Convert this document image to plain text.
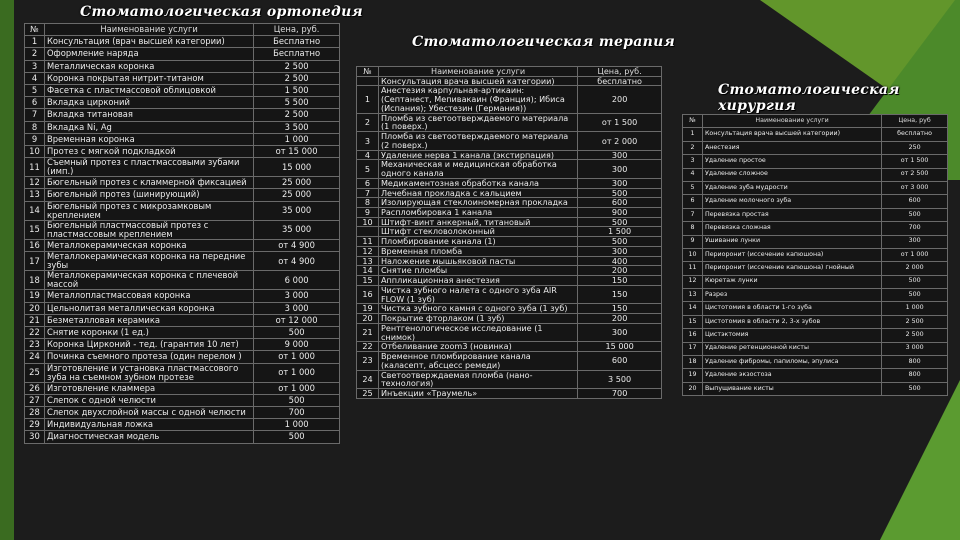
Стоматологическая ортопедия
Стоматологическая терапия
Стоматологическая хирургия
№	Наименование услуги	Цена, руб.
1	Консультация (врач высшей категории)	Бесплатно
2	Оформление наряда	Бесплатно
3	Металлическая коронка	2 500
4	Коронка покрытая нитрит-титаном	2 500
5	Фасетка с пластмассовой облицовкой	1 500
6	Вкладка цирконий	5 500
7	Вкладка титановая	2 500
8	Вкладка Ni, Ag	3 500
9	Временная коронка	1 000
10	Протез с мягкой подкладкой	от 15 000
11	Съемный протез с пластмассовыми зубами (имп.)	15 000
12	Бюгельный протез с кламмерной фиксацией	25 000
13	Бюгельный протез (шинирующий)	25 000
14	Бюгельный протез с микрозамковым креплением	35 000
15	Бюгельный пластмассовый протез с пластмассовым креплением	35 000
16	Металлокерамическая коронка	от 4 900
17	Металлокерамическая коронка на передние зубы	от 4 900
18	Металлокерамическая коронка с плечевой массой	6 000
19	Металлопластмассовая коронка	3 000
20	Цельнолитая металлическая коронка	3 000
21	Безметалловая керамика	от 12 000
22	Снятие коронки (1 ед.)	500
23	Коронка Цирконий - тед. (гарантия 10 лет)	9 000
24	Починка съемного протеза (один перелом )	от 1 000
25	Изготовление и установка пластмассового зуба на съемном зубном протезе	от 1 000
26	Изготовление кламмера	от 1 000
27	Слепок с одной челюсти	500
28	Слепок двухслойной массы с одной челюсти	700
29	Индивидуальная ложка	1 000
30	Диагностическая модель	500
№	Наименование услуги	Цена, руб.
	Консультация врача высшей категории)	бесплатно
1	Анестезия карпульная-артикаин: (Септанест, Мепивакаин (Франция); Ибиса (Испания); Убестезин (Германия))	200
2	Пломба из светоотверждаемого материала (1 поверх.)	от 1 500
3	Пломба из светоотверждаемого материала (2 поверх.)	от 2 000
4	Удаление нерва 1 канала (экстирпация)	300
5	Механическая и медицинская обработка одного канала	300
6	Медикаментозная обработка канала	300
7	Лечебная прокладка с кальцием	500
8	Изолирующая стеклоиномерная прокладка	600
9	Распломбировка 1 канала	900
10	Штифт-винт анкерный, титановый	500
	Штифт стекловолоконный	1 500
11	Пломбирование канала (1)	500
12	Временная пломба	300
13	Наложение мышьяковой пасты	400
14	Снятие пломбы	200
15	Аппликационная анестезия	150
16	Чистка зубного налета с одного зуба AIR FLOW (1 зуб)	150
19	Чистка зубного камня с одного зуба (1 зуб)	150
20	Покрытие фторлаком (1 зуб)	200
21	Рентгенологическое исследование (1 снимок)	300
22	Отбеливание zoom3 (новинка)	15 000
23	Временное пломбирование канала (каласепт, абсцесс ремеди)	600
24	Светоотверждаемая пломба (нано-технология)	3 500
25	Инъекции «Траумель»	700
№	Наименование услуги	Цена, руб
1	Консультация врача высшей категории)	бесплатно
2	Анестезия	250
3	Удаление простое	от 1 500
4	Удаление сложное	от 2 500
5	Удаление зуба мудрости	от 3 000
6	Удаление молочного зуба	600
7	Перевязка простая	500
8	Перевязка сложная	700
9	Ушивание лунки	300
10	Периоронит (иссечение капюшона)	от 1 000
11	Периоронит (иссечение капюшона) гнойный	2 000
12	Кюретаж лунки	500
13	Разрез	500
14	Цистотомия в области 1-го зуба	1 000
15	Цистотомия в области 2, 3-х зубов	2 500
16	Цистэктомия	2 500
17	Удаление ретенционной кисты	3 000
18	Удаление фибромы, папиломы, эпулиса	800
19	Удаление экзостоза	800
20	Выпущивание кисты	500
